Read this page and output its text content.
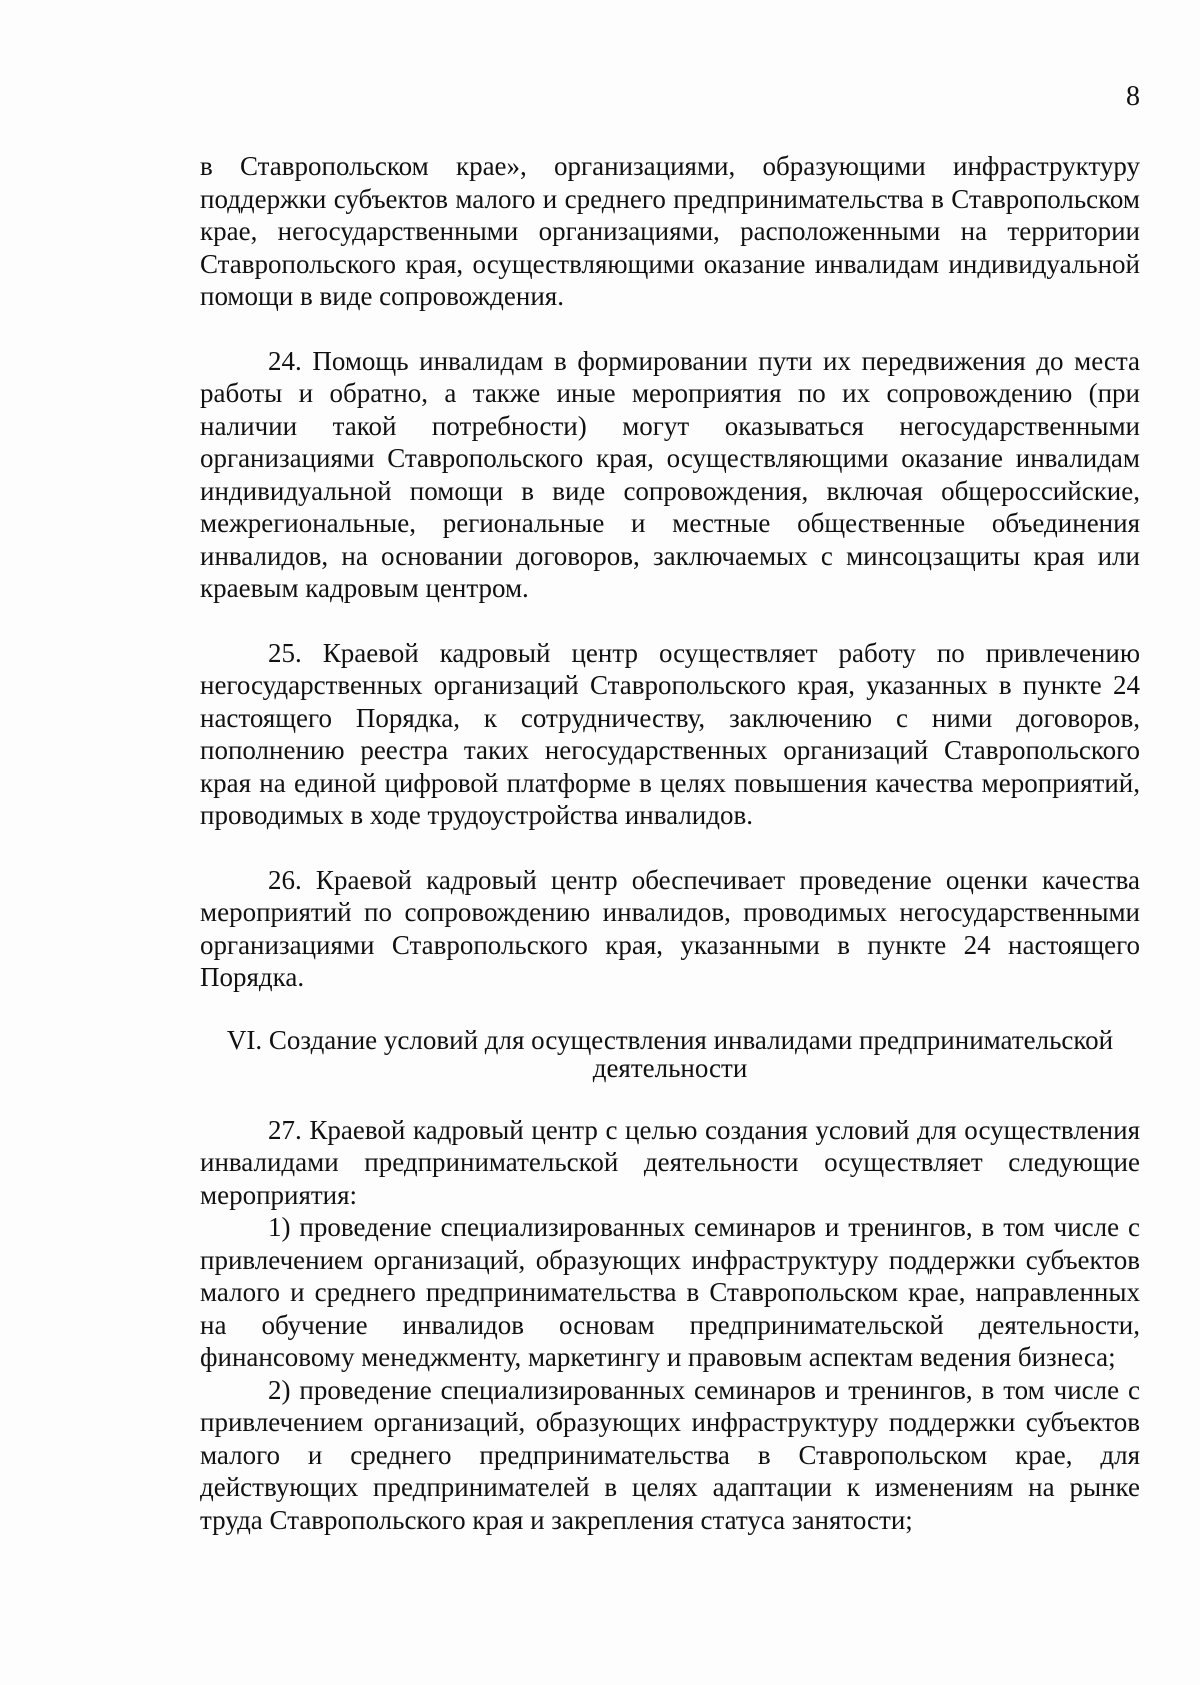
8

в Ставропольском крае», организациями, образующими инфраструктуру поддержки субъектов малого и среднего предпринимательства в Ставропольском крае, негосударственными организациями, расположенными на территории Ставропольского края, осуществляющими оказание инвалидам индивидуальной помощи в виде сопровождения.

24. Помощь инвалидам в формировании пути их передвижения до места работы и обратно, а также иные мероприятия по их сопровождению (при наличии такой потребности) могут оказываться негосударственными организациями Ставропольского края, осуществляющими оказание инвалидам индивидуальной помощи в виде сопровождения, включая общероссийские, межрегиональные, региональные и местные общественные объединения инвалидов, на основании договоров, заключаемых с минсоцзащиты края или краевым кадровым центром.

25. Краевой кадровый центр осуществляет работу по привлечению негосударственных организаций Ставропольского края, указанных в пункте 24 настоящего Порядка, к сотрудничеству, заключению с ними договоров, пополнению реестра таких негосударственных организаций Ставропольского края на единой цифровой платформе в целях повышения качества мероприятий, проводимых в ходе трудоустройства инвалидов.

26. Краевой кадровый центр обеспечивает проведение оценки качества мероприятий по сопровождению инвалидов, проводимых негосударственными организациями Ставропольского края, указанными в пункте 24 настоящего Порядка.

VI. Создание условий для осуществления инвалидами предпринимательской
деятельности

27. Краевой кадровый центр с целью создания условий для осуществления инвалидами предпринимательской деятельности осуществляет следующие мероприятия:

1) проведение специализированных семинаров и тренингов, в том числе с привлечением организаций, образующих инфраструктуру поддержки субъектов малого и среднего предпринимательства в Ставропольском крае, направленных на обучение инвалидов основам предпринимательской деятельности, финансовому менеджменту, маркетингу и правовым аспектам ведения бизнеса;

2) проведение специализированных семинаров и тренингов, в том числе с привлечением организаций, образующих инфраструктуру поддержки субъектов малого и среднего предпринимательства в Ставропольском крае, для действующих предпринимателей в целях адаптации к изменениям на рынке труда Ставропольского края и закрепления статуса занятости;
